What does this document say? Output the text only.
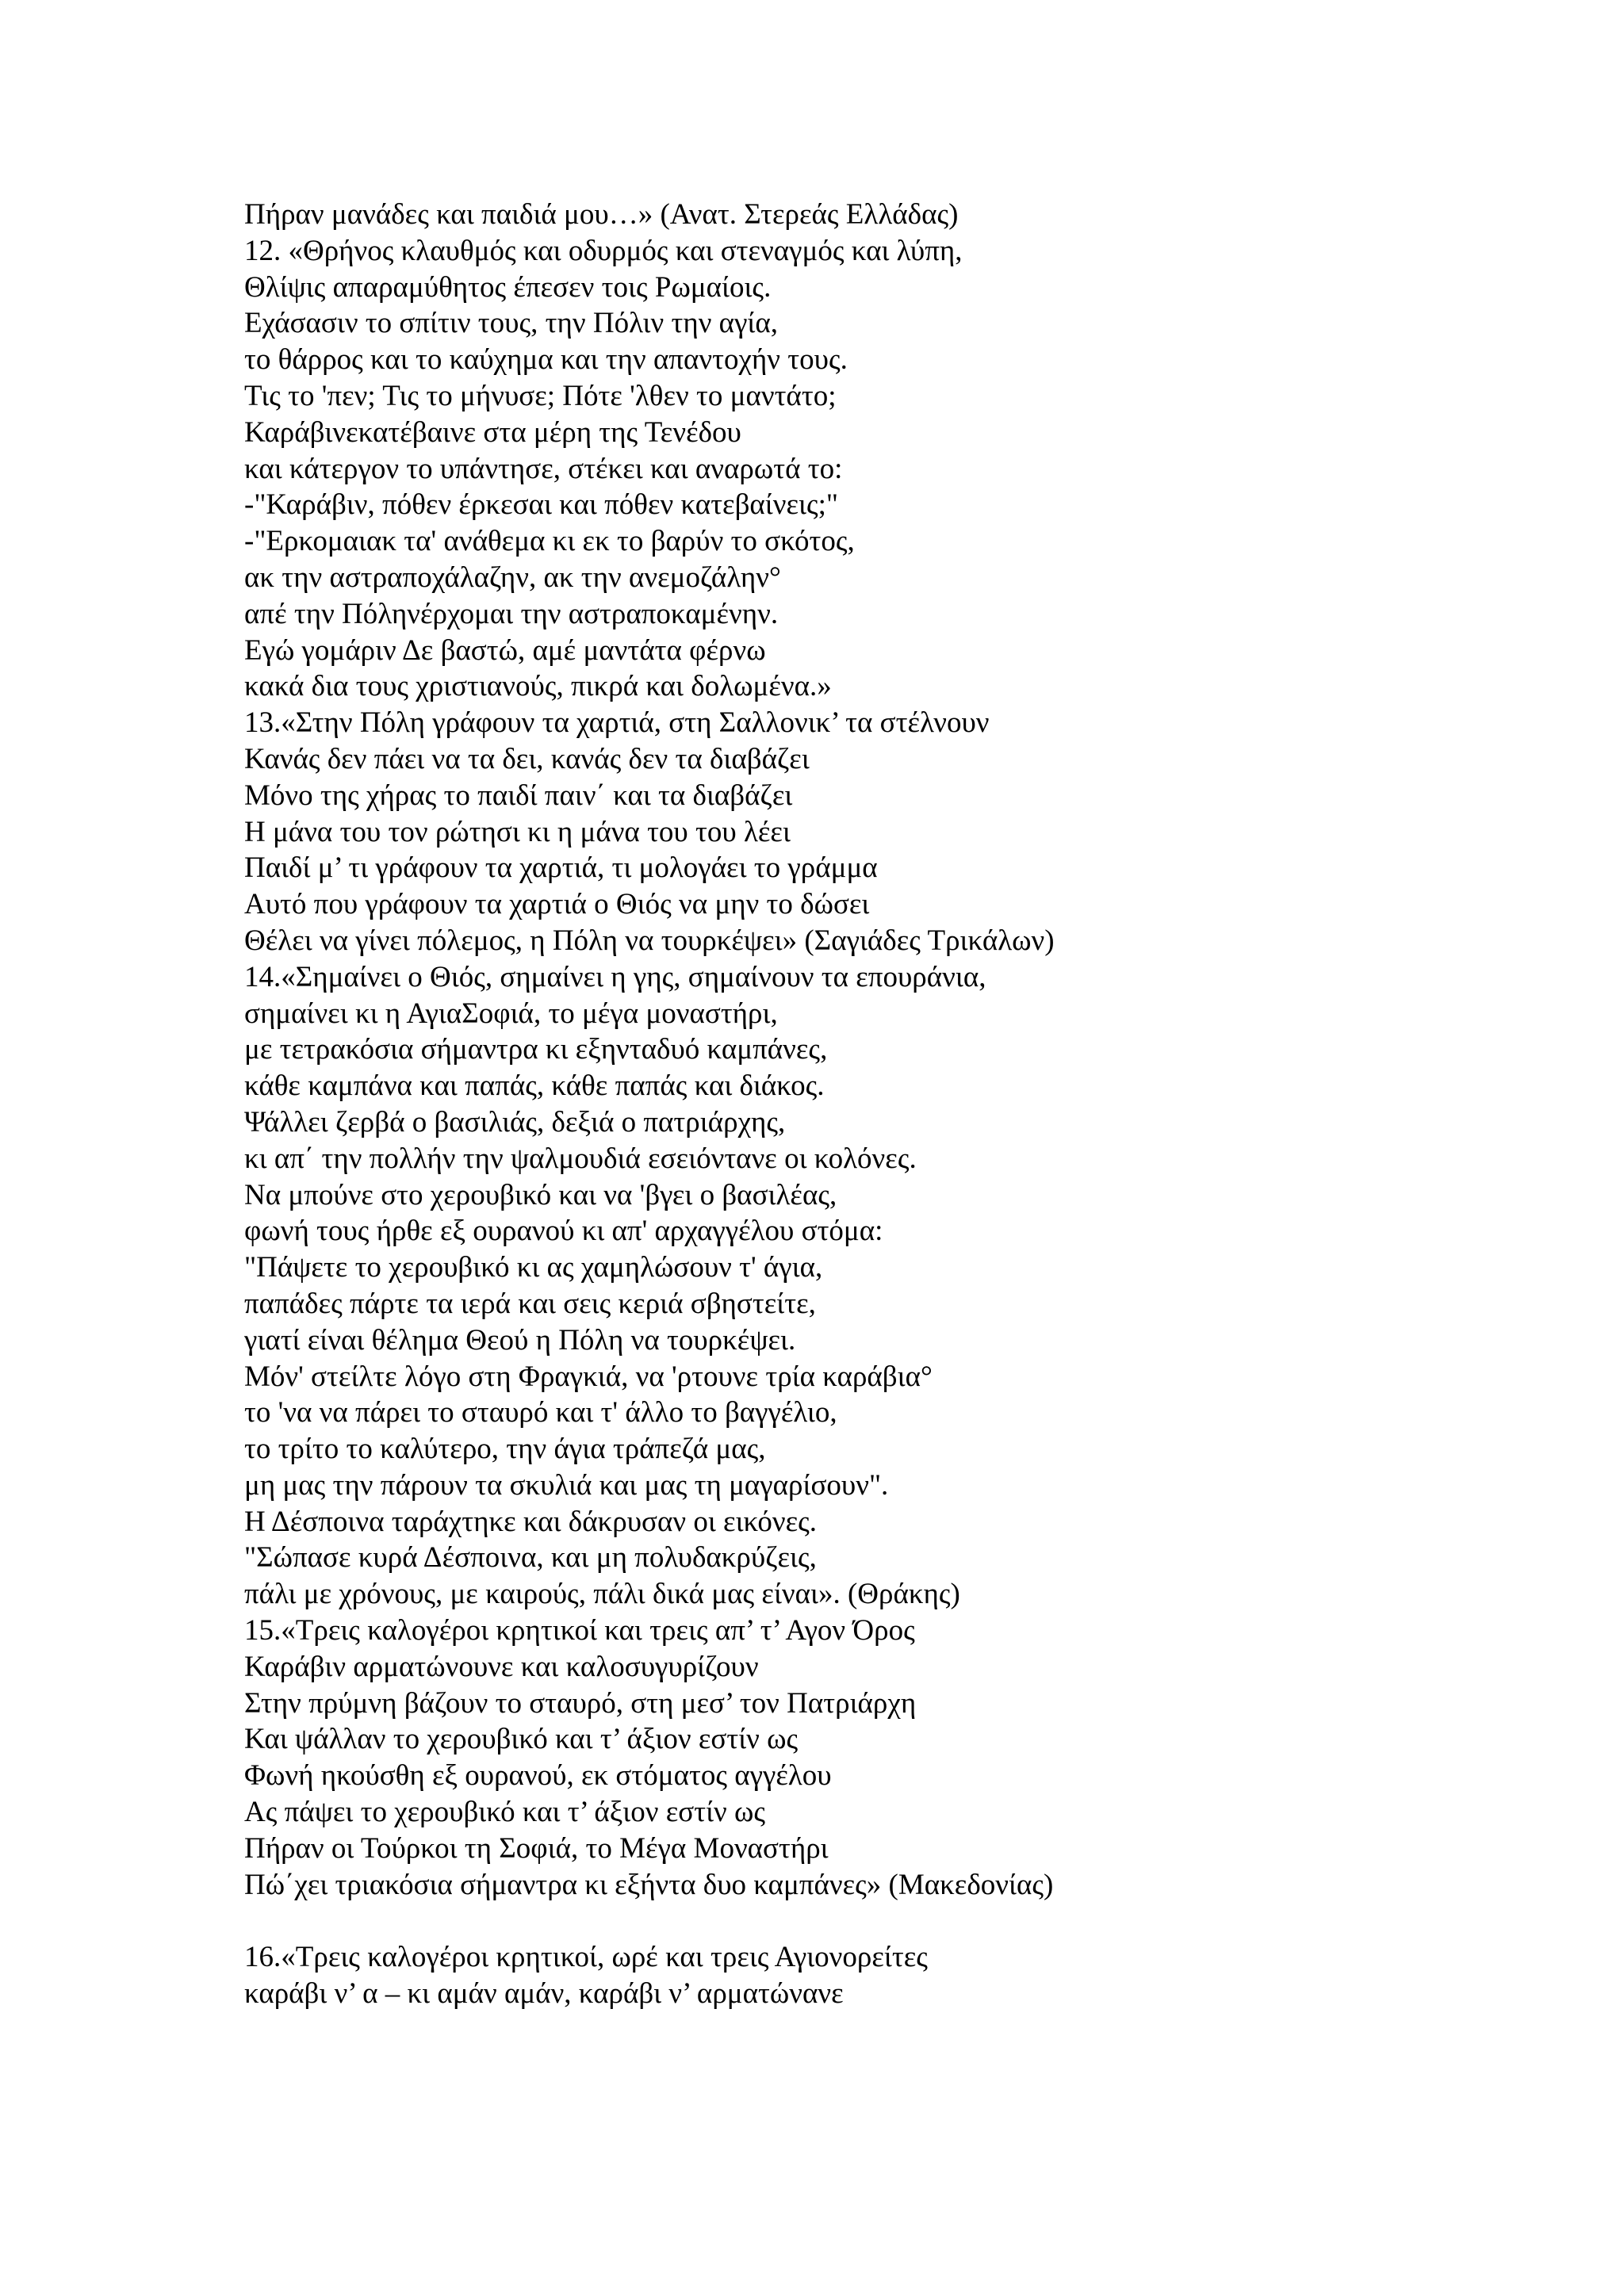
Πήραν μανάδες και παιδιά μου…» (Ανατ. Στερεάς Ελλάδας)
12. «Θρήνος κλαυθμός και οδυρμός και στεναγμός και λύπη,
Θλίψις απαραμύθητος έπεσεν τοις Ρωμαίοις.
Εχάσασιν το σπίτιν τους, την Πόλιν την αγία,
το θάρρος και το καύχημα και την απαντοχήν τους.
Τις το 'πεν; Τις το μήνυσε; Πότε 'λθεν το μαντάτο;
Καράβινεκατέβαινε στα μέρη της Τενέδου
και κάτεργον το υπάντησε, στέκει και αναρωτά το:
-"Καράβιν, πόθεν έρκεσαι και πόθεν κατεβαίνεις;"
-"Ερκομαιακ τα' ανάθεμα κι εκ το βαρύν το σκότος,
ακ την αστραποχάλαζην, ακ την ανεμοζάλην°
απέ την Πόληνέρχομαι την αστραποκαμένην.
Εγώ γομάριν Δε βαστώ, αμέ μαντάτα φέρνω
κακά δια τους χριστιανούς, πικρά και δολωμένα.»
13.«Στην Πόλη γράφουν τα χαρτιά, στη Σαλλονικ’ τα στέλνουν
Κανάς δεν πάει να τα δει, κανάς δεν τα διαβάζει
Μόνο της χήρας το παιδί παιν΄ και τα διαβάζει
Η μάνα του τον ρώτησι κι η μάνα του του λέει
Παιδί μ’ τι γράφουν τα χαρτιά, τι μολογάει το γράμμα
Αυτό που γράφουν τα χαρτιά ο Θιός να μην το δώσει
Θέλει να γίνει πόλεμος, η Πόλη να τουρκέψει» (Σαγιάδες Τρικάλων)
14.«Σημαίνει ο Θιός, σημαίνει η γης, σημαίνουν τα επουράνια,
σημαίνει κι η ΑγιαΣοφιά, το μέγα μοναστήρι,
με τετρακόσια σήμαντρα κι εξηνταδυό καμπάνες,
κάθε καμπάνα και παπάς, κάθε παπάς και διάκος.
Ψάλλει ζερβά ο βασιλιάς, δεξιά ο πατριάρχης,
κι απ΄ την πολλήν την ψαλμουδιά εσειόντανε οι κολόνες.
Να μπούνε στο χερουβικό και να 'βγει ο βασιλέας,
φωνή τους ήρθε εξ ουρανού κι απ' αρχαγγέλου στόμα:
"Πάψετε το χερουβικό κι ας χαμηλώσουν τ' άγια,
παπάδες πάρτε τα ιερά και σεις κεριά σβηστείτε,
γιατί είναι θέλημα Θεού η Πόλη να τουρκέψει.
Μόν' στείλτε λόγο στη Φραγκιά, να 'ρτουνε τρία καράβια°
το 'να να πάρει το σταυρό και τ' άλλο το βαγγέλιο,
το τρίτο το καλύτερο, την άγια τράπεζά μας,
μη μας την πάρουν τα σκυλιά και μας τη μαγαρίσουν".
Η Δέσποινα ταράχτηκε και δάκρυσαν οι εικόνες.
"Σώπασε κυρά Δέσποινα, και μη πολυδακρύζεις,
πάλι με χρόνους, με καιρούς, πάλι δικά μας είναι». (Θράκης)
15.«Τρεις καλογέροι κρητικοί και τρεις απ’ τ’ Αγον Όρος
Καράβιν αρματώνουνε και καλοσυγυρίζουν
Στην πρύμνη βάζουν το σταυρό, στη μεσ’ τον Πατριάρχη
Και ψάλλαν το χερουβικό και τ’ άξιον εστίν ως
Φωνή ηκούσθη εξ ουρανού, εκ στόματος αγγέλου
Ας πάψει το χερουβικό και τ’ άξιον εστίν ως
Πήραν οι Τούρκοι τη Σοφιά, το Μέγα Μοναστήρι
Πώ΄χει τριακόσια σήμαντρα κι εξήντα δυο καμπάνες» (Μακεδονίας)
16.«Τρεις καλογέροι κρητικοί, ωρέ και τρεις Αγιονορείτες
καράβι ν’ α – κι αμάν αμάν, καράβι ν’ αρματώνανε
